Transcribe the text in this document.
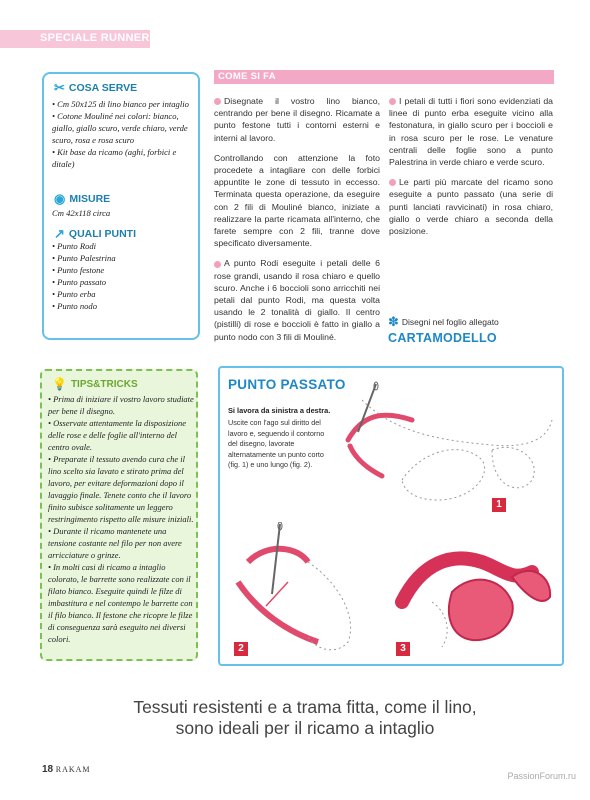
SPECIALE RUNNER
✂ COSA SERVE
• Cm 50x125 di lino bianco per intaglio
• Cotone Mouliné nei colori: bianco, giallo, giallo scuro, verde chiaro, verde scuro, rosa e rosa scuro
• Kit base da ricamo (aghi, forbici e ditale)
◉ MISURE
Cm 42x118 circa
↗ QUALI PUNTI
• Punto Rodi
• Punto Palestrina
• Punto festone
• Punto passato
• Punto erba
• Punto nodo
COME SI FA

Disegnate il vostro lino bianco, centrando per bene il disegno. Ricamate a punto festone tutti i contorni esterni e interni al lavoro.

Controllando con attenzione la foto procedete a intagliare con delle forbici appuntite le zone di tessuto in eccesso. Terminata questa operazione, da eseguire con 2 fili di Mouliné bianco, iniziate a realizzare la parte ricamata all'interno, che farete sempre con 2 fili, tranne dove specificato diversamente.

A punto Rodi eseguite i petali delle 6 rose grandi, usando il rosa chiaro e quello scuro. Anche i 6 boccioli sono arricchiti nei petali dal punto Rodi, ma questa volta usando le 2 tonalità di giallo. Il centro (pistilli) di rose e boccioli è fatto in giallo a punto nodo con 3 fili di Mouliné.

I petali di tutti i fiori sono evidenziati da linee di punto erba eseguite vicino alla festonatura, in giallo scuro per i boccioli e in rosa scuro per le rose. Le venature centrali delle foglie sono a punto Palestrina in verde chiaro e verde scuro.

Le parti più marcate del ricamo sono eseguite a punto passato (una serie di punti lanciati ravvicinati) in rosa chiaro, giallo o verde chiaro a seconda della posizione.

✽ Disegni nel foglio allegato
CARTAMODELLO
💡 TIPS&TRICKS
• Prima di iniziare il vostro lavoro studiate per bene il disegno.
• Osservate attentamente la disposizione delle rose e delle foglie all'interno del centro ovale.
• Preparate il tessuto avendo cura che il lino scelto sia lavato e stirato prima del lavoro, per evitare deformazioni dopo il lavaggio finale. Tenete conto che il lavoro finito subisce solitamente un leggero restringimento rispetto alle misure iniziali.
• Durante il ricamo mantenete una tensione costante nel filo per non avere arricciature o grinze.
• In molti casi di ricamo a intaglio colorato, le barrette sono realizzate con il filato bianco. Eseguite quindi le filze di imbastitura e nel contempo le barrette con il filo bianco. Il festone che ricopre le filze di conseguenza sarà eseguito nei diversi colori.
PUNTO PASSATO
Si lavora da sinistra a destra.
Uscite con l'ago sul diritto del lavoro e, seguendo il contorno del disegno, lavorate alternatamente un punto corto (fig. 1) e uno lungo (fig. 2).
1
2	3
Tessuti resistenti e a trama fitta, come il lino,
sono ideali per il ricamo a intaglio
18 RAKAM
PassionForum.ru
